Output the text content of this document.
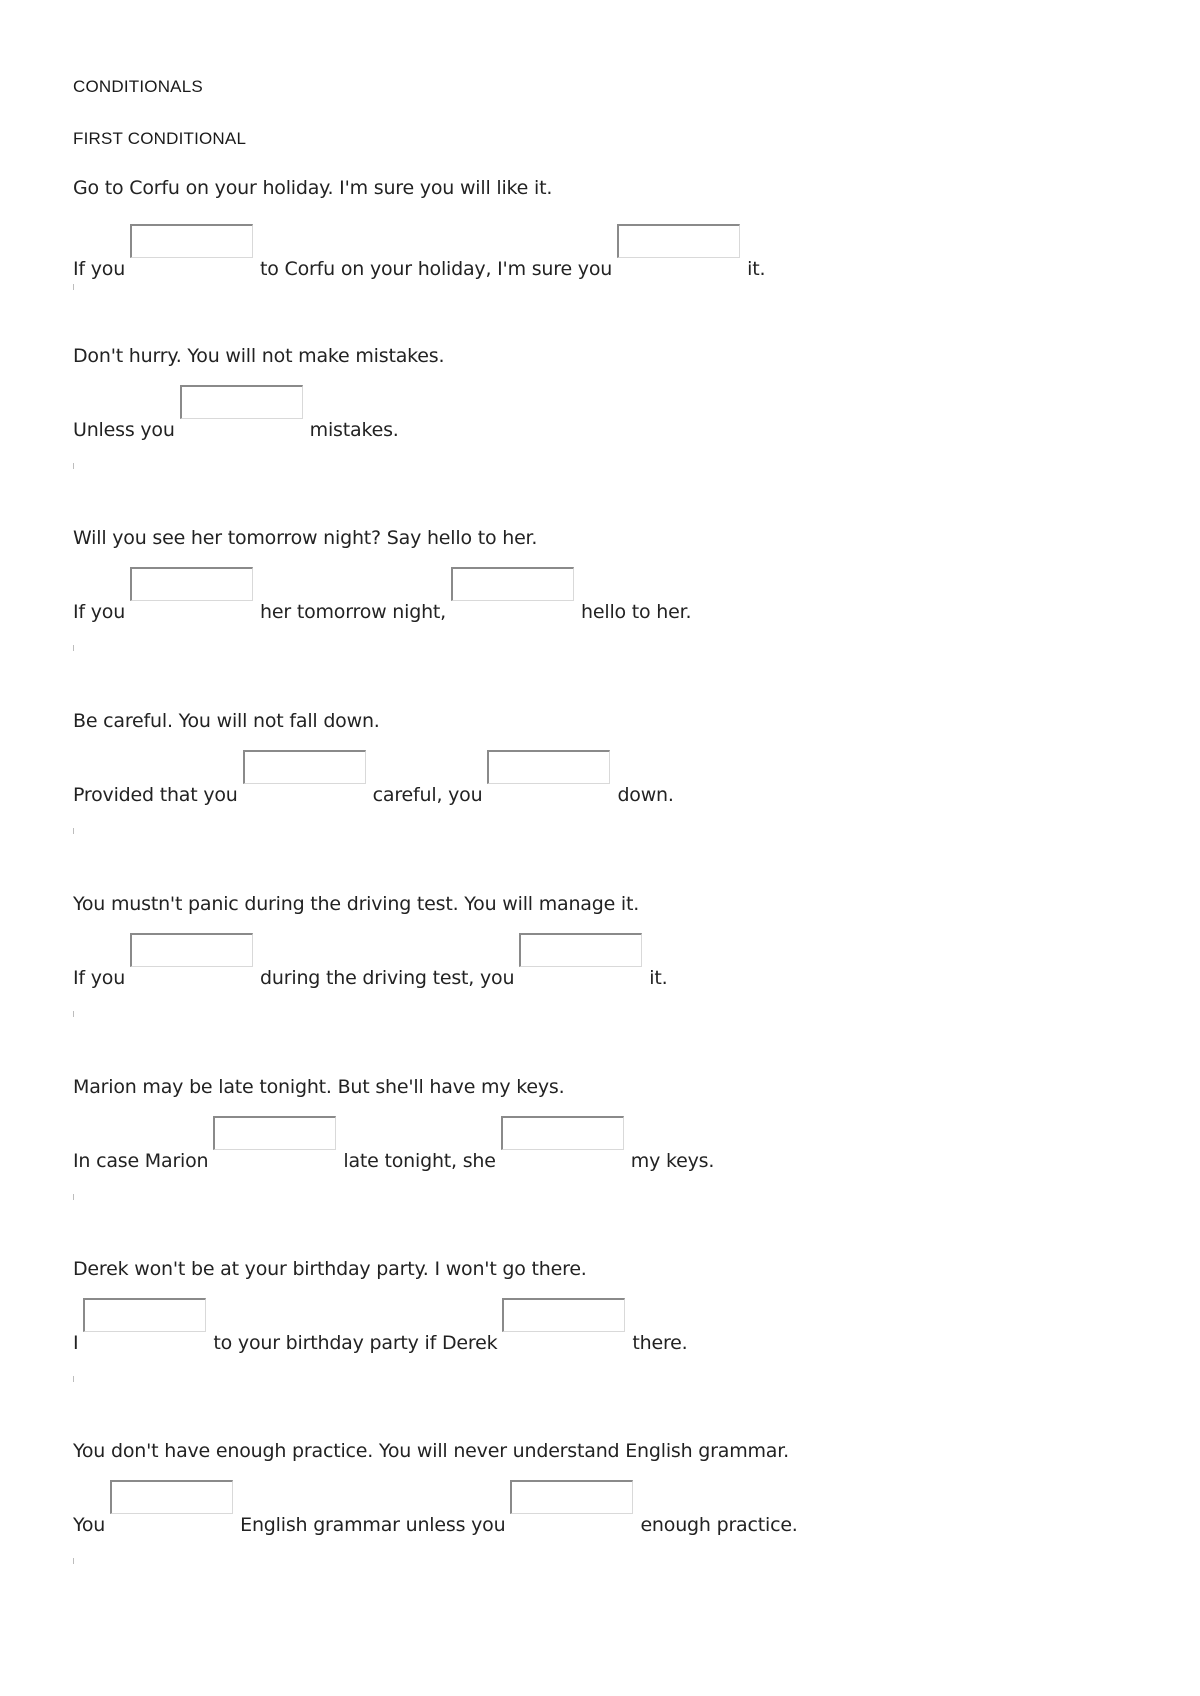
CONDITIONALS
FIRST CONDITIONAL
Go to Corfu on your holiday. I'm sure you will like it.
If you	to Corfu on your holiday, I'm sure you	it.
Don't hurry. You will not make mistakes.
Unless you	mistakes.
Will you see her tomorrow night? Say hello to her.
If you	her tomorrow night,	hello to her.
Be careful. You will not fall down.
Provided that you	careful, you	down.
You mustn't panic during the driving test. You will manage it.
If you	during the driving test, you	it.
Marion may be late tonight. But she'll have my keys.
In case Marion	late tonight, she	my keys.
Derek won't be at your birthday party. I won't go there.
I	to your birthday party if Derek	there.
You don't have enough practice. You will never understand English grammar.
You	English grammar unless you	enough practice.
